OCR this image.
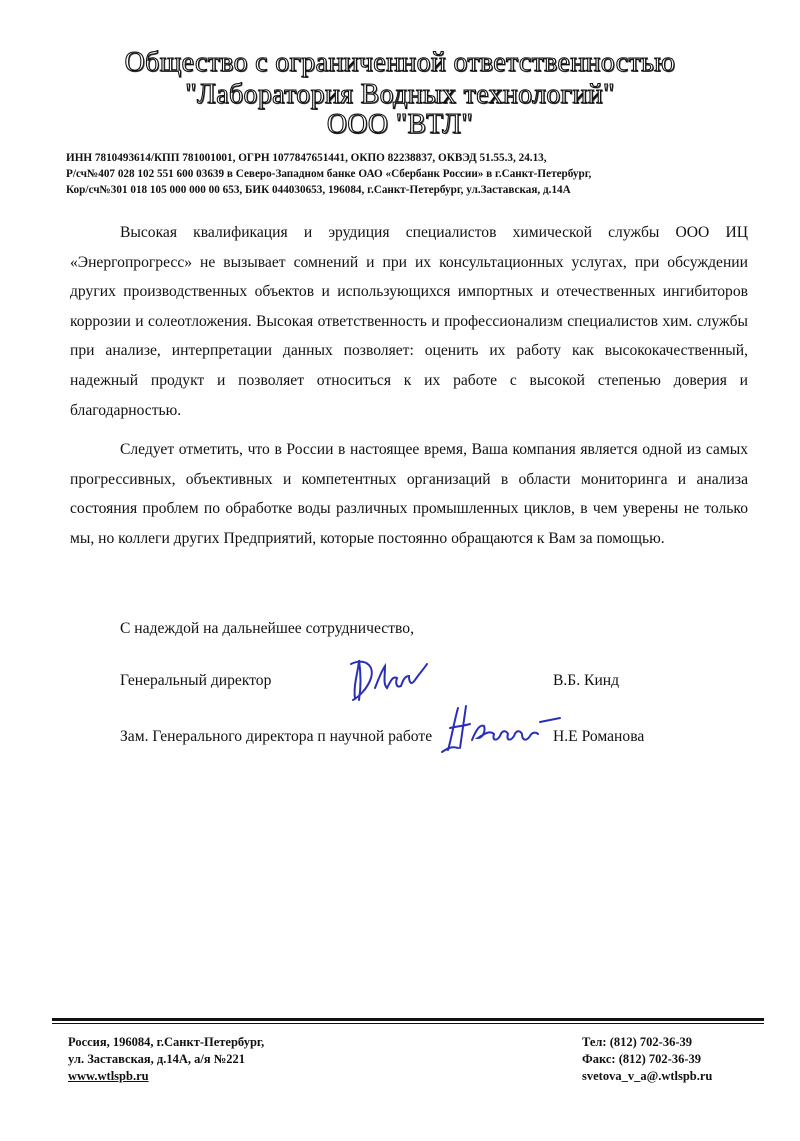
Общество с ограниченной ответственностью
"Лаборатория Водных технологий"
ООО "ВТЛ"
ИНН 7810493614/КПП 781001001, ОГРН 1077847651441, ОКПО 82238837, ОКВЭД 51.55.3, 24.13,
Р/сч№407 028 102 551 600 03639 в Северо-Западном банке ОАО «Сбербанк России» в г.Санкт-Петербург,
Кор/сч№301 018 105 000 000 00 653, БИК 044030653, 196084, г.Санкт-Петербург, ул.Заставская, д.14А

Высокая квалификация и эрудиция специалистов химической службы ООО ИЦ «Энергопрогресс» не вызывает сомнений и при их консультационных услугах, при обсуждении других производственных объектов и использующихся импортных и отечественных ингибиторов коррозии и солеотложения. Высокая ответственность и профессионализм специалистов хим. службы при анализе, интерпретации данных позволяет: оценить их работу как высококачественный, надежный продукт и позволяет относиться к их работе с высокой степенью доверия и благодарностью.

Следует отметить, что в России в настоящее время, Ваша компания является одной из самых прогрессивных, объективных и компетентных организаций в области мониторинга и анализа состояния проблем по обработке воды различных промышленных циклов, в чем уверены не только мы, но коллеги других Предприятий, которые постоянно обращаются к Вам за помощью.

С надеждой на дальнейшее сотрудничество,
Генеральный директор	В.Б. Кинд
Зам. Генерального директора п научной работе	Н.Е Романова
Россия, 196084, г.Санкт-Петербург,
ул. Заставская, д.14А, а/я №221
www.wtlspb.ru
Тел: (812) 702-36-39
Факс: (812) 702-36-39
svetova_v_a@.wtlspb.ru
